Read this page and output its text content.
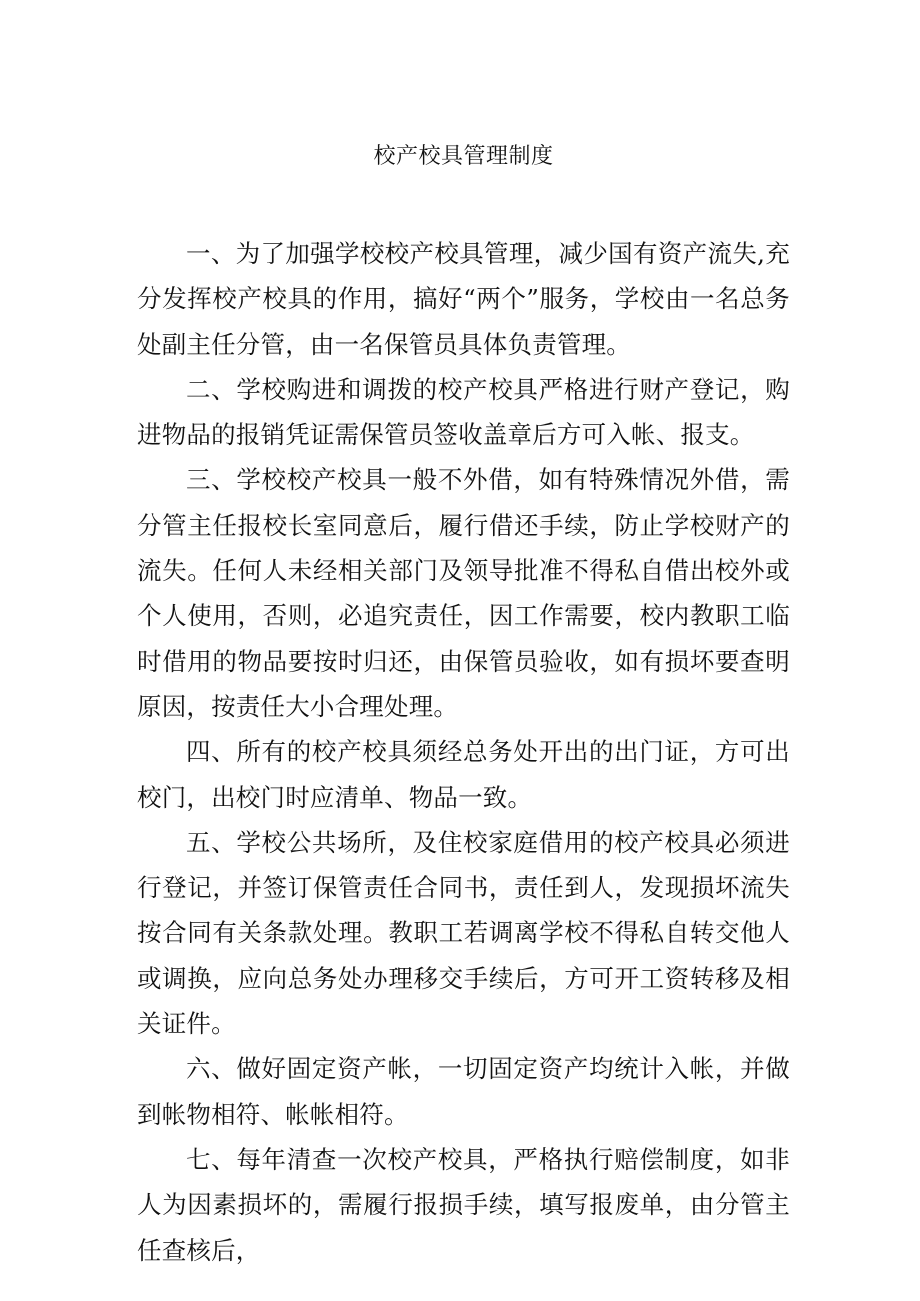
校产校具管理制度

一、为了加强学校校产校具管理，减少国有资产流失,充分发挥校产校具的作用，搞好“两个”服务，学校由一名总务处副主任分管，由一名保管员具体负责管理。

二、学校购进和调拨的校产校具严格进行财产登记，购进物品的报销凭证需保管员签收盖章后方可入帐、报支。

三、学校校产校具一般不外借，如有特殊情况外借，需分管主任报校长室同意后，履行借还手续，防止学校财产的流失。任何人未经相关部门及领导批准不得私自借出校外或个人使用，否则，必追究责任，因工作需要，校内教职工临时借用的物品要按时归还，由保管员验收，如有损坏要查明原因，按责任大小合理处理。

四、所有的校产校具须经总务处开出的出门证，方可出校门，出校门时应清单、物品一致。

五、学校公共场所，及住校家庭借用的校产校具必须进行登记，并签订保管责任合同书，责任到人，发现损坏流失按合同有关条款处理。教职工若调离学校不得私自转交他人或调换，应向总务处办理移交手续后，方可开工资转移及相关证件。

六、做好固定资产帐，一切固定资产均统计入帐，并做到帐物相符、帐帐相符。

七、每年清查一次校产校具，严格执行赔偿制度，如非人为因素损坏的，需履行报损手续，填写报废单，由分管主任查核后，
